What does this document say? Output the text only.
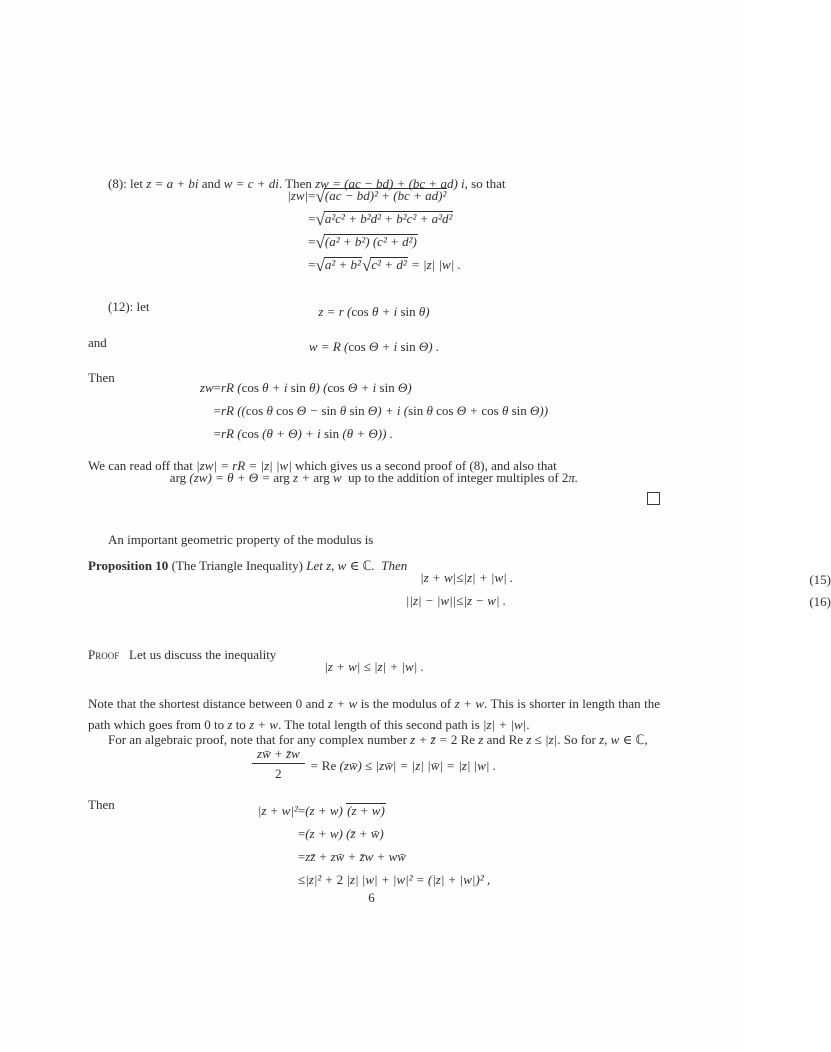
(8): let z = a + bi and w = c + di. Then zw = (ac − bd) + (bc + ad) i, so that

|zw|	=	√(ac − bd)² + (bc + ad)²
	=	√a²c² + b²d² + b²c² + a²d²
	=	√(a² + b²) (c² + d²)
	=	√a² + b²√c² + d² = |z| |w| .

(12): let	z = r (cos θ + i sin θ)

and	w = R (cos Θ + i sin Θ) .

Then

zw	=	rR (cos θ + i sin θ) (cos Θ + i sin Θ)
	=	rR ((cos θ cos Θ − sin θ sin Θ) + i (sin θ cos Θ + cos θ sin Θ))
	=	rR (cos (θ + Θ) + i sin (θ + Θ)) .

We can read off that |zw| = rR = |z| |w| which gives us a second proof of (8), and also that

arg (zw) = θ + Θ = arg z + arg w  up to the addition of integer multiples of 2π.

An important geometric property of the modulus is

Proposition 10 (The Triangle Inequality) Let z, w ∈ ℂ.  Then

|z + w|	≤	|z| + |w| .
||z| − |w||	≤	|z − w| .
(15)
(16)

Proof   Let us discuss the inequality

|z + w| ≤ |z| + |w| .

Note that the shortest distance between 0 and z + w is the modulus of z + w. This is shorter in length than the path which goes from 0 to z to z + w. The total length of this second path is |z| + |w|.

For an algebraic proof, note that for any complex number z + z̄ = 2 Re z and Re z ≤ |z|. So for z, w ∈ ℂ,

$\frac{zw̄ + z̄w}{2} = Re$ (zw̄) ≤ |zw̄| = |z| |w̄| = |z| |w| .

Then	|z + w|²	=	(z + w) (z + w)
	=	(z + w) (z̄ + w̄)
	=	zz̄ + zw̄ + z̄w + ww̄
	≤	|z|² + 2 |z| |w| + |w|² = (|z| + |w|)² ,
6
